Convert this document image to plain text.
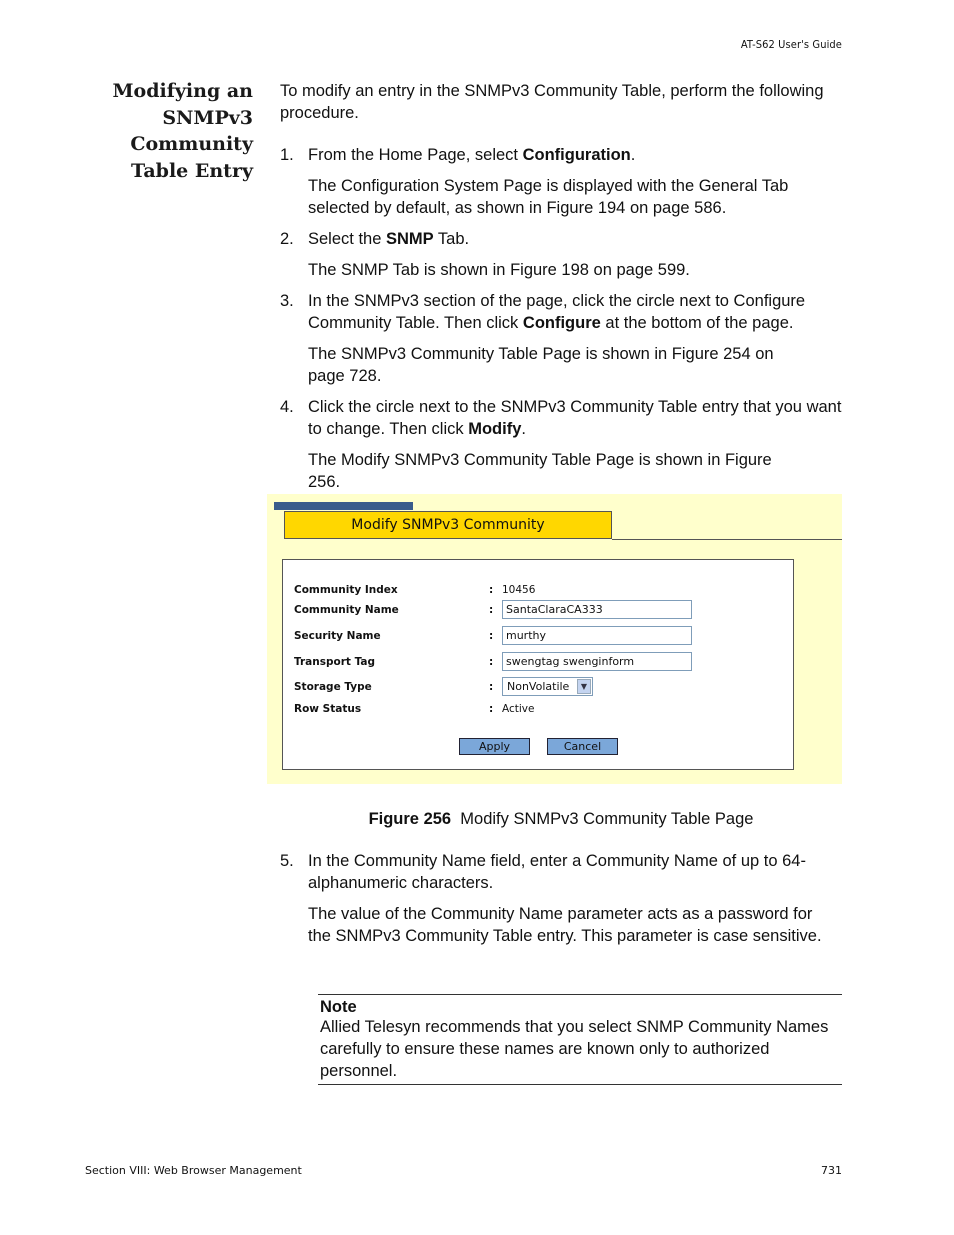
AT-S62 User's Guide
Modifying an SNMPv3 Community Table Entry
To modify an entry in the SNMPv3 Community Table, perform the following procedure.
1. From the Home Page, select Configuration.
The Configuration System Page is displayed with the General Tab selected by default, as shown in Figure 194 on page 586.
2. Select the SNMP Tab.
The SNMP Tab is shown in Figure 198 on page 599.
3. In the SNMPv3 section of the page, click the circle next to Configure Community Table. Then click Configure at the bottom of the page.
The SNMPv3 Community Table Page is shown in Figure 254 on page 728.
4. Click the circle next to the SNMPv3 Community Table entry that you want to change. Then click Modify.
The Modify SNMPv3 Community Table Page is shown in Figure 256.
Modify SNMPv3 Community
Community Index	: 10456
Community Name	:	SantaClaraCA333
Security Name	:	murthy
Transport Tag	:	swengtag swenginform
Storage Type	:	NonVolatile	▼
Row Status	: Active
Apply	Cancel
Figure 256 Modify SNMPv3 Community Table Page
5. In the Community Name field, enter a Community Name of up to 64-alphanumeric characters.
The value of the Community Name parameter acts as a password for the SNMPv3 Community Table entry. This parameter is case sensitive.
Note
Allied Telesyn recommends that you select SNMP Community Names carefully to ensure these names are known only to authorized personnel.
Section VIII: Web Browser Management	731
